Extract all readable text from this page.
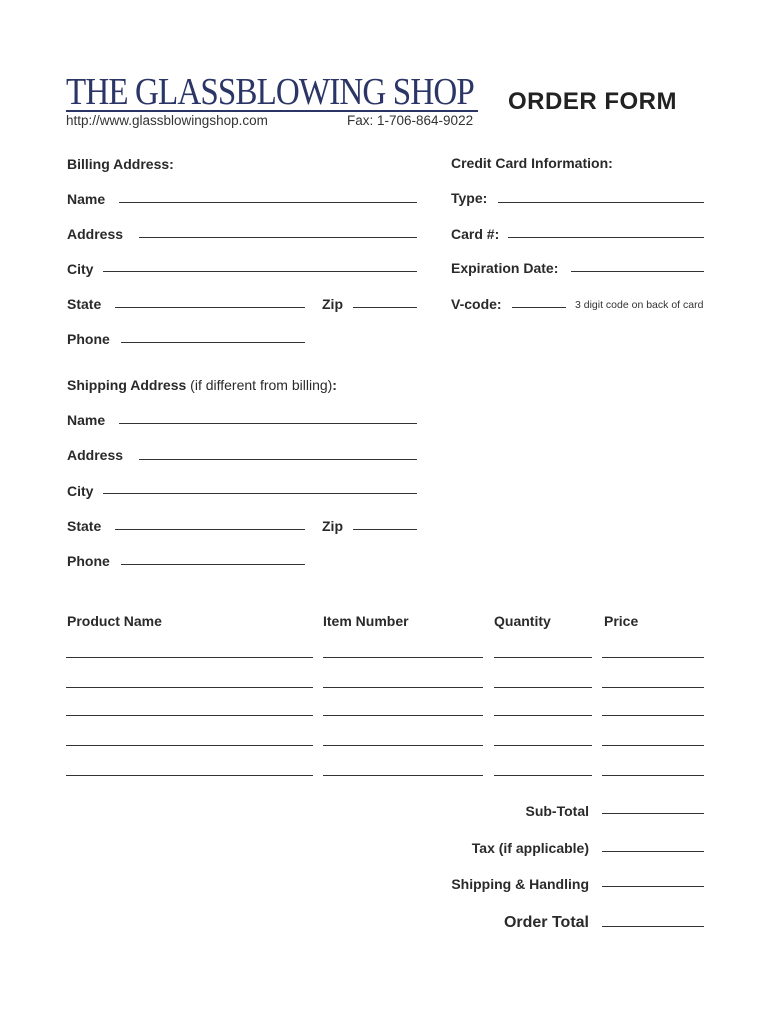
THE GLASSBLOWING SHOP
http://www.glassblowingshop.com	Fax: 1-706-864-9022
ORDER FORM
Billing Address:
Name
Address
City
State	Zip
Phone
Credit Card Information:
Type:
Card #:
Expiration Date:
V-code:	3 digit code on back of card
Shipping Address (if different from billing):
Name
Address
City
State	Zip
Phone
Product Name	Item Number	Quantity	Price
Sub-Total
Tax (if applicable)
Shipping & Handling
Order Total
